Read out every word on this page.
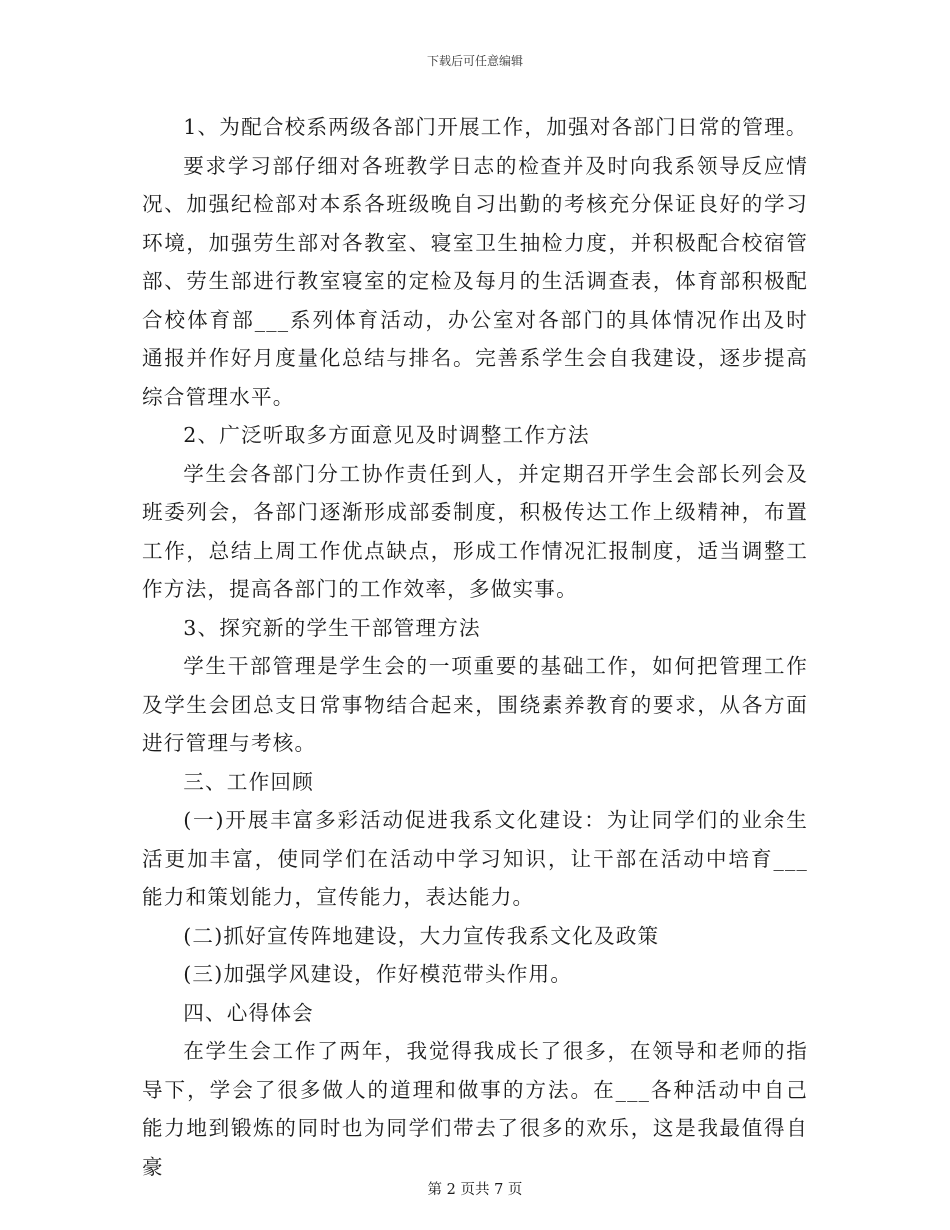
下载后可任意编辑

1、为配合校系两级各部门开展工作，加强对各部门日常的管理。

要求学习部仔细对各班教学日志的检查并及时向我系领导反应情况、加强纪检部对本系各班级晚自习出勤的考核充分保证良好的学习环境，加强劳生部对各教室、寝室卫生抽检力度，并积极配合校宿管部、劳生部进行教室寝室的定检及每月的生活调查表，体育部积极配合校体育部___系列体育活动，办公室对各部门的具体情况作出及时通报并作好月度量化总结与排名。完善系学生会自我建设，逐步提高综合管理水平。

2、广泛听取多方面意见及时调整工作方法

学生会各部门分工协作责任到人，并定期召开学生会部长列会及班委列会，各部门逐渐形成部委制度，积极传达工作上级精神，布置工作，总结上周工作优点缺点，形成工作情况汇报制度，适当调整工作方法，提高各部门的工作效率，多做实事。

3、探究新的学生干部管理方法

学生干部管理是学生会的一项重要的基础工作，如何把管理工作及学生会团总支日常事物结合起来，围绕素养教育的要求，从各方面进行管理与考核。

三、工作回顾

(一)开展丰富多彩活动促进我系文化建设：为让同学们的业余生活更加丰富，使同学们在活动中学习知识，让干部在活动中培育___能力和策划能力，宣传能力，表达能力。

(二)抓好宣传阵地建设，大力宣传我系文化及政策

(三)加强学风建设，作好模范带头作用。

四、心得体会

在学生会工作了两年，我觉得我成长了很多，在领导和老师的指导下，学会了很多做人的道理和做事的方法。在___各种活动中自己能力地到锻炼的同时也为同学们带去了很多的欢乐，这是我最值得自豪

第 2 页共 7 页
